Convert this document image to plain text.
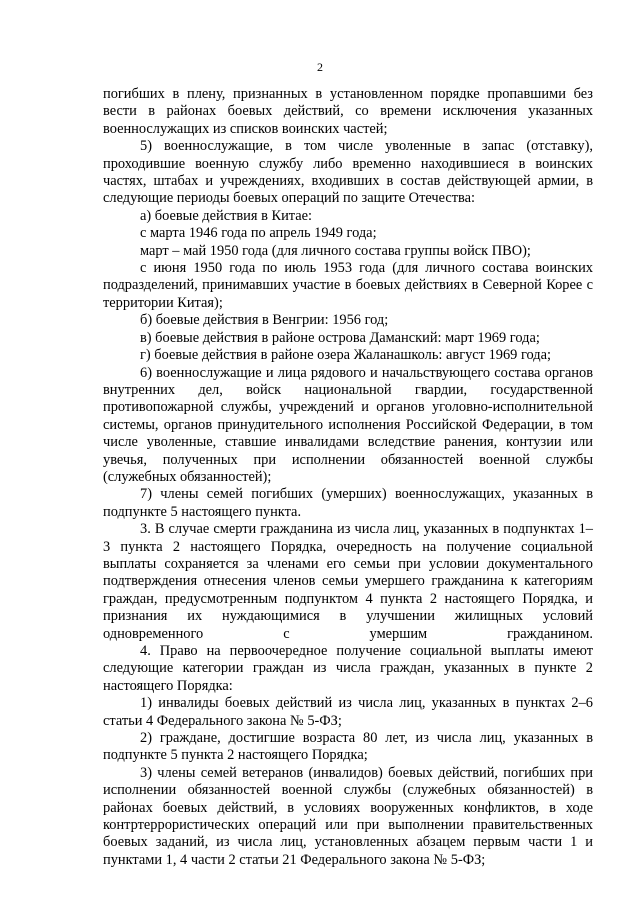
2

погибших в плену, признанных в установленном порядке пропавшими без вести в районах боевых действий, со времени исключения указанных военнослужащих из списков воинских частей;

5) военнослужащие, в том числе уволенные в запас (отставку), проходившие военную службу либо временно находившиеся в воинских частях, штабах и учреждениях, входивших в состав действующей армии, в следующие периоды боевых операций по защите Отечества:

а) боевые действия в Китае:

с марта 1946 года по апрель 1949 года;

март – май 1950 года (для личного состава группы войск ПВО);

с июня 1950 года по июль 1953 года (для личного состава воинских подразделений, принимавших участие в боевых действиях в Северной Корее с территории Китая);

б) боевые действия в Венгрии: 1956 год;

в) боевые действия в районе острова Даманский: март 1969 года;

г) боевые действия в районе озера Жаланашколь: август 1969 года;

6) военнослужащие и лица рядового и начальствующего состава органов внутренних дел, войск национальной гвардии, государственной противопожарной службы, учреждений и органов уголовно-исполнительной системы, органов принудительного исполнения Российской Федерации, в том числе уволенные, ставшие инвалидами вследствие ранения, контузии или увечья, полученных при исполнении обязанностей военной службы (служебных обязанностей);

7) члены семей погибших (умерших) военнослужащих, указанных в подпункте 5 настоящего пункта.

3. В случае смерти гражданина из числа лиц, указанных в подпунктах 1–3 пункта 2 настоящего Порядка, очередность на получение социальной выплаты сохраняется за членами его семьи при условии документального подтверждения отнесения членов семьи умершего гражданина к категориям граждан, предусмотренным подпунктом 4 пункта 2 настоящего Порядка, и признания их нуждающимися в улучшении жилищных условий одновременного с умершим гражданином.

4. Право на первоочередное получение социальной выплаты имеют следующие категории граждан из числа граждан, указанных в пункте 2 настоящего Порядка:

1) инвалиды боевых действий из числа лиц, указанных в пунктах 2–6 статьи 4 Федерального закона № 5-ФЗ;

2) граждане, достигшие возраста 80 лет, из числа лиц, указанных в подпункте 5 пункта 2 настоящего Порядка;

3) члены семей ветеранов (инвалидов) боевых действий, погибших при исполнении обязанностей военной службы (служебных обязанностей) в районах боевых действий, в условиях вооруженных конфликтов, в ходе контртеррористических операций или при выполнении правительственных боевых заданий, из числа лиц, установленных абзацем первым части 1 и пунктами 1, 4 части 2 статьи 21 Федерального закона № 5-ФЗ;
